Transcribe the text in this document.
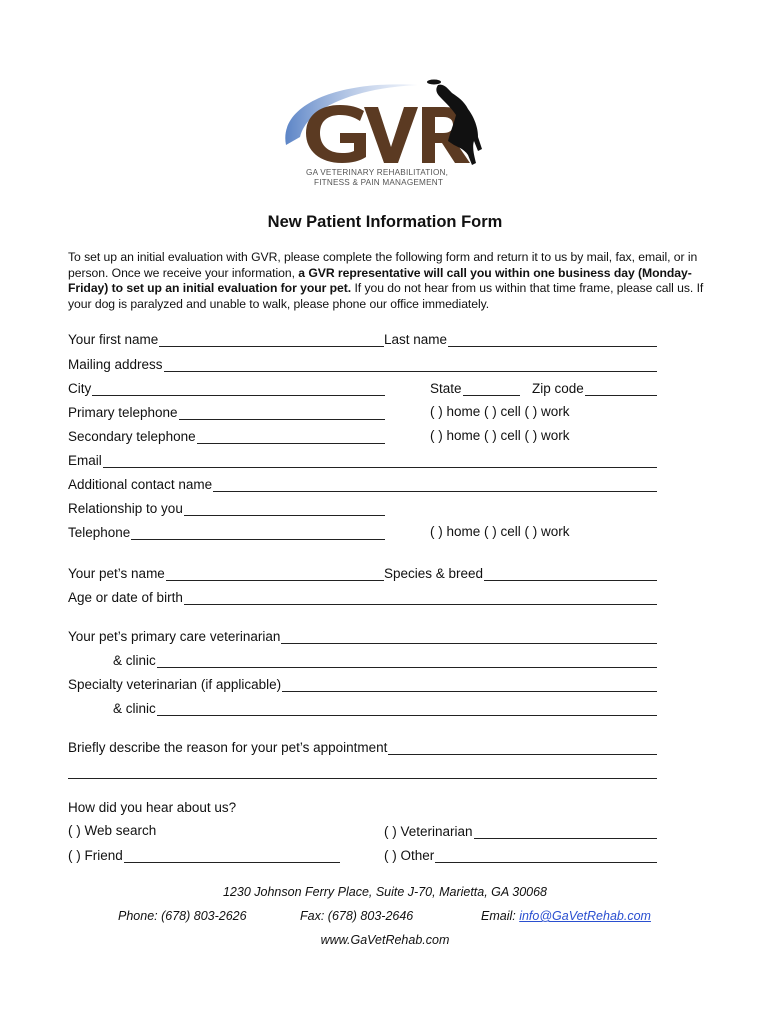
GA VETERINARY REHABILITATION,
FITNESS & PAIN MANAGEMENT
New Patient Information Form
To set up an initial evaluation with GVR, please complete the following form and return it to us by mail, fax, email, or in person. Once we receive your information, a GVR representative will call you within one business day (Monday-Friday) to set up an initial evaluation for your pet. If you do not hear from us within that time frame, please call us. If your dog is paralyzed and unable to walk, please phone our office immediately.
Your first name	Last name
Mailing address
City	State	Zip code
Primary telephone	( ) home ( ) cell ( ) work
Secondary telephone	( ) home ( ) cell ( ) work
Email
Additional contact name
Relationship to you
Telephone	( ) home ( ) cell ( ) work
Your pet’s name	Species & breed
Age or date of birth
Your pet’s primary care veterinarian
& clinic
Specialty veterinarian (if applicable)
& clinic
Briefly describe the reason for your pet’s appointment
How did you hear about us?
( ) Web search	( ) Veterinarian
( ) Friend	( ) Other
1230 Johnson Ferry Place, Suite J-70, Marietta, GA 30068
Phone: (678) 803-2626	Fax: (678) 803-2646	Email: info@GaVetRehab.com
www.GaVetRehab.com
